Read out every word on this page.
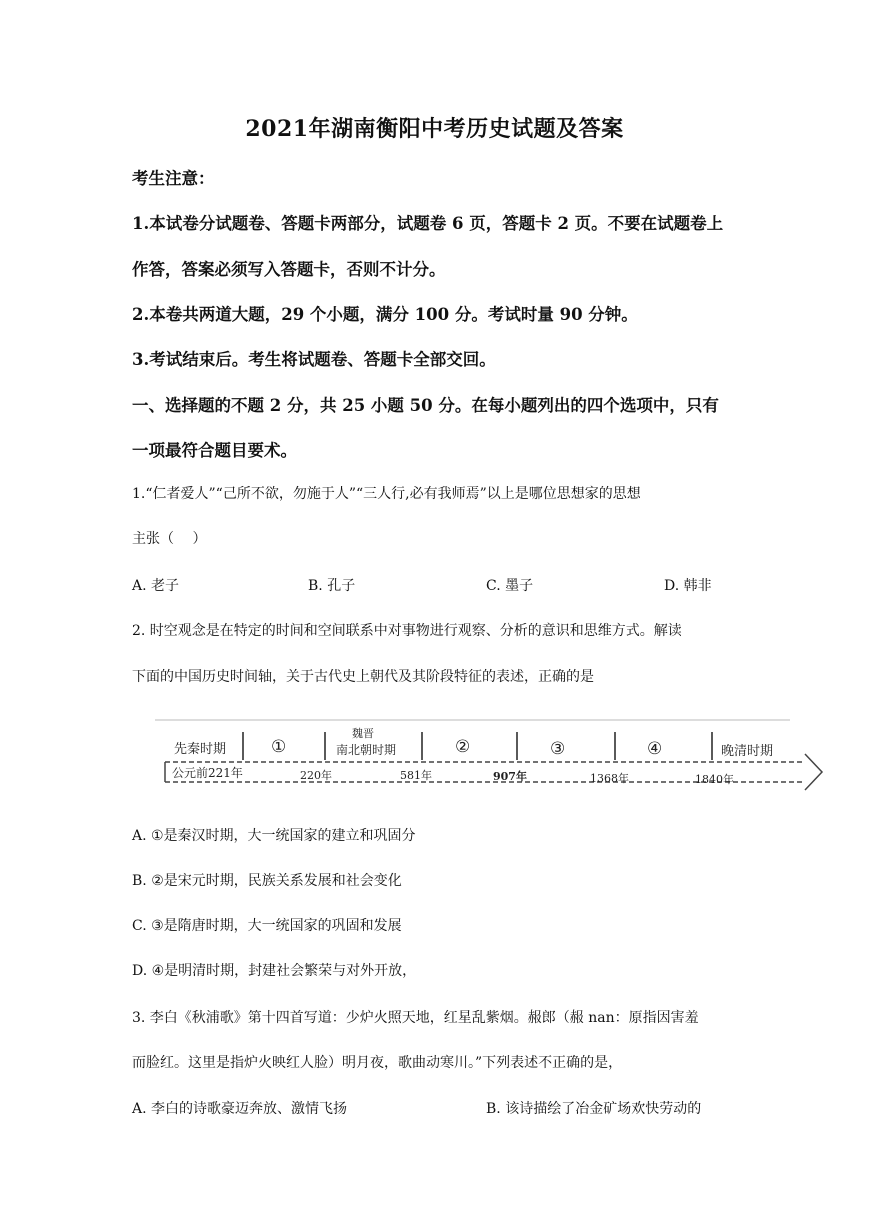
2021年湖南衡阳中考历史试题及答案
考生注意：
1.本试卷分试题卷、答题卡两部分，试题卷 6 页，答题卡 2 页。不要在试题卷上
作答，答案必须写入答题卡，否则不计分。
2.本卷共两道大题，29 个小题，满分 100 分。考试时量 90 分钟。
3.考试结束后。考生将试题卷、答题卡全部交回。
一、选择题的不题 2 分，共 25 小题 50 分。在每小题列出的四个选项中，只有
一项最符合题目要术。
1.“仁者爱人”“己所不欲，勿施于人”“三人行,必有我师焉”以上是哪位思想家的思想
主张（　 ）
A. 老子	B. 孔子	C. 墨子	D. 韩非
2. 时空观念是在特定的时间和空间联系中对事物进行观察、分析的意识和思维方式。解读
下面的中国历史时间轴，关于古代史上朝代及其阶段特征的表述，正确的是
先秦时期	①
魏晋
南北朝时期	②	③	④	晚清时期
公元前221年	220年	581年	907年	1368年	1840年
A. ①是秦汉时期，大一统国家的建立和巩固分
B. ②是宋元时期，民族关系发展和社会变化
C. ③是隋唐时期，大一统国家的巩固和发展
D. ④是明清时期，封建社会繁荣与对外开放，
3. 李白《秋浦歌》第十四首写道：少炉火照天地，红星乱紫烟。赧郎（赧 nan：原指因害羞
而脸红。这里是指炉火映红人脸）明月夜，歌曲动寒川。”下列表述不正确的是，
A. 李白的诗歌豪迈奔放、激情飞扬	B. 该诗描绘了冶金矿场欢快劳动的
